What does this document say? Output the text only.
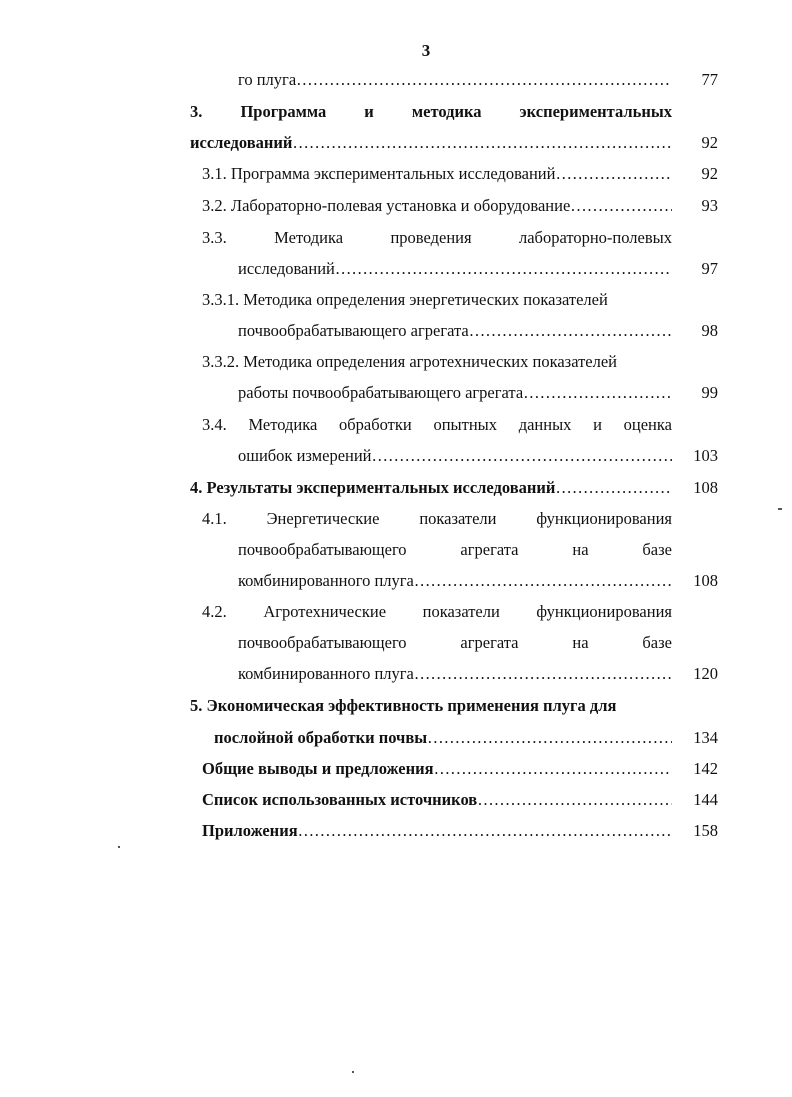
3
го плуга …………………………………………………………………………………………………………………………………………………………	77
3. Программа и методика экспериментальных
исследований …………………………………………………………………………………………………………………………………………………………	92
3.1. Программа экспериментальных исследований …………………………………………………………………………………………………………………………………………………………	92
3.2. Лабораторно-полевая установка и оборудование …………………………………………………………………………………………………………………………………………………………	93
3.3.	Методика	проведения	лабораторно-полевых
исследований …………………………………………………………………………………………………………………………………………………………	97
3.3.1. Методика определения энергетических показателей
почвообрабатывающего агрегата …………………………………………………………………………………………………………………………………………………………	98
3.3.2. Методика определения агротехнических показателей
работы почвообрабатывающего агрегата …………………………………………………………………………………………………………………………………………………………	99
3.4. Методика обработки опытных данных и оценка
ошибок измерений …………………………………………………………………………………………………………………………………………………………	103
4. Результаты экспериментальных исследований …………………………………………………………………………………………………………………………………………………………	108
4.1. Энергетические показатели функционирования
почвообрабатывающего	агрегата	на	базе
комбинированного плуга …………………………………………………………………………………………………………………………………………………………	108
4.2. Агротехнические показатели функционирования
почвообрабатывающего	агрегата	на	базе
комбинированного плуга …………………………………………………………………………………………………………………………………………………………	120
5. Экономическая эффективность применения плуга для
послойной обработки почвы …………………………………………………………………………………………………………………………………………………………	134
Общие выводы и предложения …………………………………………………………………………………………………………………………………………………………	142
Список использованных источников …………………………………………………………………………………………………………………………………………………………	144
Приложения …………………………………………………………………………………………………………………………………………………………	158
